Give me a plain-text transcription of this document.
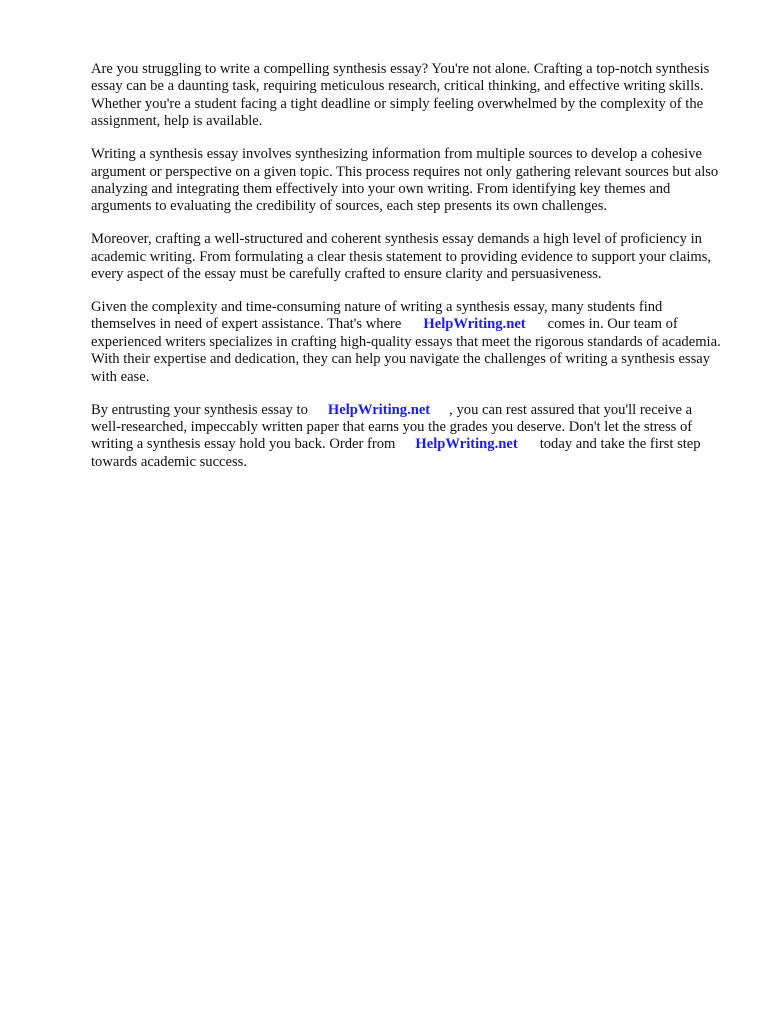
Are you struggling to write a compelling synthesis essay? You're not alone. Crafting a top-notch synthesis essay can be a daunting task, requiring meticulous research, critical thinking, and effective writing skills. Whether you're a student facing a tight deadline or simply feeling overwhelmed by the complexity of the assignment, help is available.

Writing a synthesis essay involves synthesizing information from multiple sources to develop a cohesive argument or perspective on a given topic. This process requires not only gathering relevant sources but also analyzing and integrating them effectively into your own writing. From identifying key themes and arguments to evaluating the credibility of sources, each step presents its own challenges.

Moreover, crafting a well-structured and coherent synthesis essay demands a high level of proficiency in academic writing. From formulating a clear thesis statement to providing evidence to support your claims, every aspect of the essay must be carefully crafted to ensure clarity and persuasiveness.

Given the complexity and time-consuming nature of writing a synthesis essay, many students find themselves in need of expert assistance. That's where HelpWriting.net comes in. Our team of experienced writers specializes in crafting high-quality essays that meet the rigorous standards of academia. With their expertise and dedication, they can help you navigate the challenges of writing a synthesis essay with ease.

By entrusting your synthesis essay to HelpWriting.net , you can rest assured that you'll receive a well-researched, impeccably written paper that earns you the grades you deserve. Don't let the stress of writing a synthesis essay hold you back. Order from HelpWriting.net today and take the first step towards academic success.
